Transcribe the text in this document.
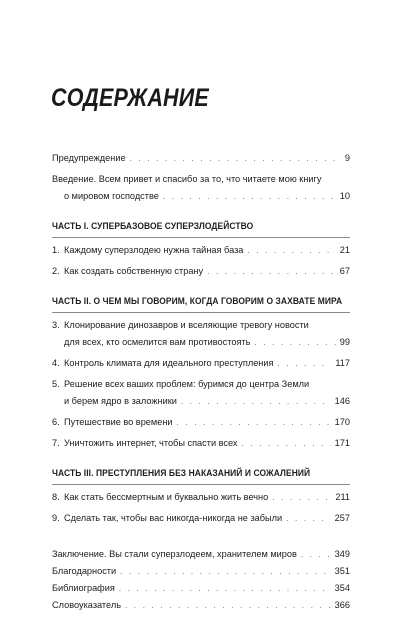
СОДЕРЖАНИЕ
Предупреждение . . .	9
Введение. Всем привет и спасибо за то, что читаете мою книгу
о мировом господстве . . .	10
ЧАСТЬ I. СУПЕРБАЗОВОЕ СУПЕРЗЛОДЕЙСТВО
1. Каждому суперзлодею нужна тайная база . . .	21
2. Как создать собственную страну . . .	67
ЧАСТЬ II. О ЧЕМ МЫ ГОВОРИМ, КОГДА ГОВОРИМ О ЗАХВАТЕ МИРА
3. Клонирование динозавров и вселяющие тревогу новости
для всех, кто осмелится вам противостоять . . .	99
4. Контроль климата для идеального преступления . . .	117
5. Решение всех ваших проблем: буримся до центра Земли
и берем ядро в заложники . . .	146
6. Путешествие во времени . . .	170
7. Уничтожить интернет, чтобы спасти всех . . .	171
ЧАСТЬ III. ПРЕСТУПЛЕНИЯ БЕЗ НАКАЗАНИЙ И СОЖАЛЕНИЙ
8. Как стать бессмертным и буквально жить вечно . . .	211
9. Сделать так, чтобы вас никогда-никогда не забыли . . .	257
Заключение. Вы стали суперзлодеем, хранителем миров . . .	349
Благодарности . . .	351
Библиография . . .	354
Словоуказатель . . .	366
